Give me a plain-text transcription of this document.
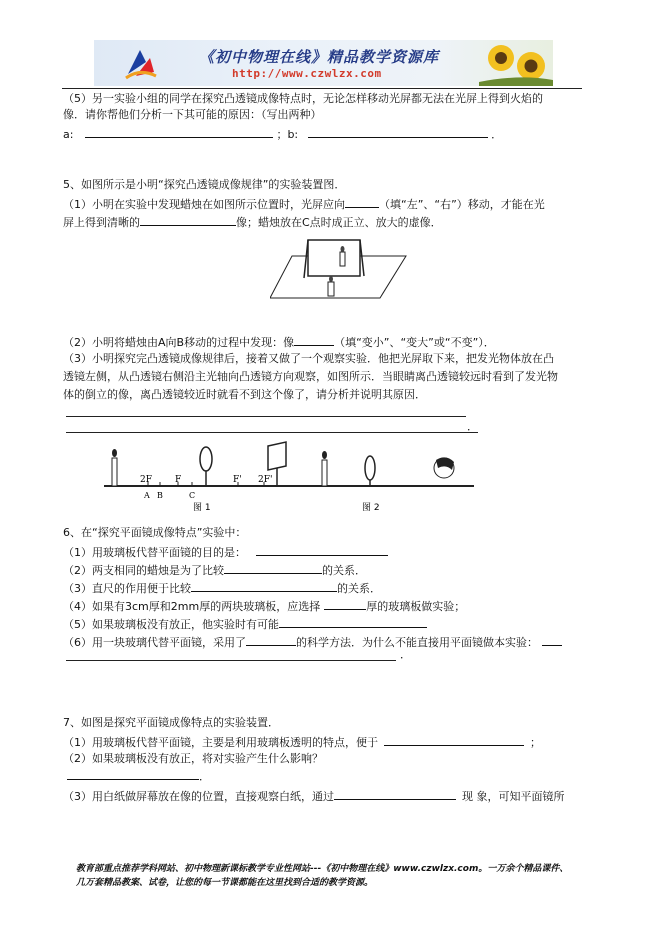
《初中物理在线》精品教学资源库
http://www.czwlzx.com
（5）另一实验小组的同学在探究凸透镜成像特点时，无论怎样移动光屏都无法在光屏上得到火焰的
像．请你帮他们分析一下其可能的原因：（写出两种）
a:	；b:	．
5、如图所示是小明“探究凸透镜成像规律”的实验装置图．
（1）小明在实验中发现蜡烛在如图所示位置时，光屏应向	（填“左”、“右”）移动，才能在光
屏上得到清晰的	像；蜡烛放在C点时成正立、放大的虚像．
（2）小明将蜡烛由A向B移动的过程中发现：像	（填“变小”、“变大”或“不变”）．
（3）小明探究完凸透镜成像规律后，接着又做了一个观察实验．他把光屏取下来，把发光物体放在凸
透镜左侧，从凸透镜右侧沿主光轴向凸透镜方向观察，如图所示．当眼睛离凸透镜较远时看到了发光物
体的倒立的像，离凸透镜较近时就看不到这个像了，请分析并说明其原因．
．
2F
A B
F
C
F' 2F'
图 1	图 2
6、在“探究平面镜成像特点”实验中：
（1）用玻璃板代替平面镜的目的是：
（2）两支相同的蜡烛是为了比较	的关系．
（3）直尺的作用便于比较	的关系．
（4）如果有3cm厚和2mm厚的两块玻璃板，应选择	厚的玻璃板做实验；
（5）如果玻璃板没有放正，他实验时有可能
（6）用一块玻璃代替平面镜，采用了	的科学方法．为什么不能直接用平面镜做本实验：
．
7、如图是探究平面镜成像特点的实验装置．
（1）用玻璃板代替平面镜，主要是利用玻璃板透明的特点，便于	；
（2）如果玻璃板没有放正，将对实验产生什么影响？
．
（3）用白纸做屏幕放在像的位置，直接观察白纸，通过	现 象，可知平面镜所
教育部重点推荐学科网站、初中物理新课标教学专业性网站---《初中物理在线》www.czwlzx.com。一万余个精品课件、
几万套精品教案、试卷，让您的每一节课都能在这里找到合适的教学资源。
